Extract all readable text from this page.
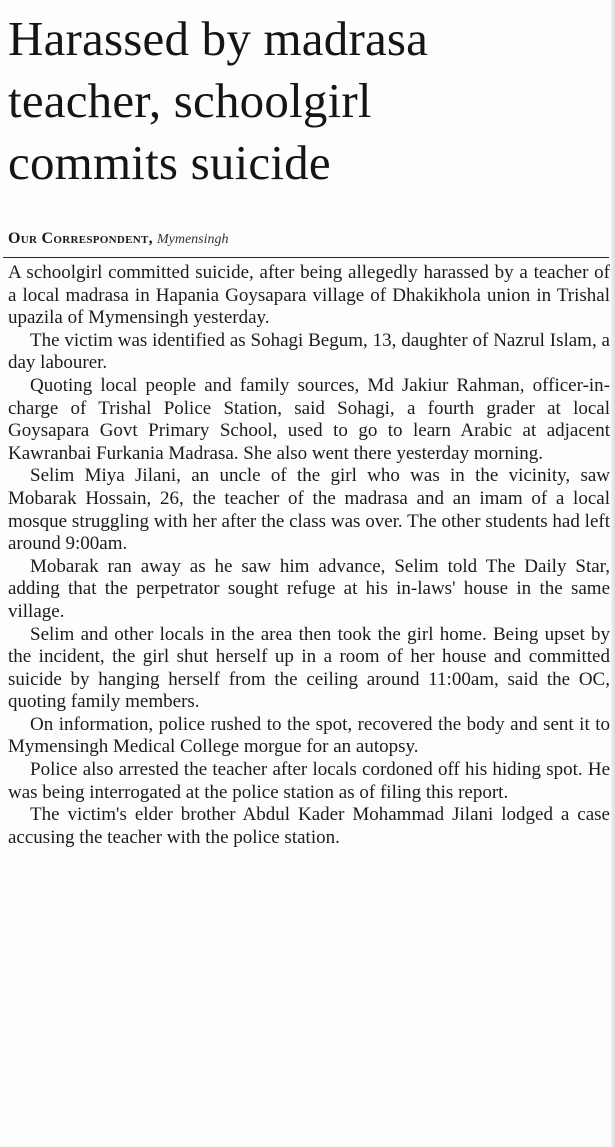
Harassed by madrasa
teacher, schoolgirl
commits suicide
Our Correspondent, Mymensingh

A schoolgirl committed suicide, after being allegedly harassed by a teacher of a local madrasa in Hapania Goysapara village of Dhakikhola union in Trishal upazila of Mymensingh yesterday.

The victim was identified as Sohagi Begum, 13, daughter of Nazrul Islam, a day labourer.

Quoting local people and family sources, Md Jakiur Rahman, officer-in-charge of Trishal Police Station, said Sohagi, a fourth grader at local Goysapara Govt Primary School, used to go to learn Arabic at adjacent Kawranbai Furkania Madrasa. She also went there yesterday morning.

Selim Miya Jilani, an uncle of the girl who was in the vicinity, saw Mobarak Hossain, 26, the teacher of the madrasa and an imam of a local mosque struggling with her after the class was over. The other students had left around 9:00am.

Mobarak ran away as he saw him advance, Selim told The Daily Star, adding that the perpetrator sought refuge at his in-laws' house in the same village.

Selim and other locals in the area then took the girl home. Being upset by the incident, the girl shut herself up in a room of her house and committed suicide by hanging herself from the ceiling around 11:00am, said the OC, quoting family members.

On information, police rushed to the spot, recovered the body and sent it to Mymensingh Medical College morgue for an autopsy.

Police also arrested the teacher after locals cordoned off his hiding spot. He was being interrogated at the police station as of filing this report.

The victim's elder brother Abdul Kader Mohammad Jilani lodged a case accusing the teacher with the police station.
